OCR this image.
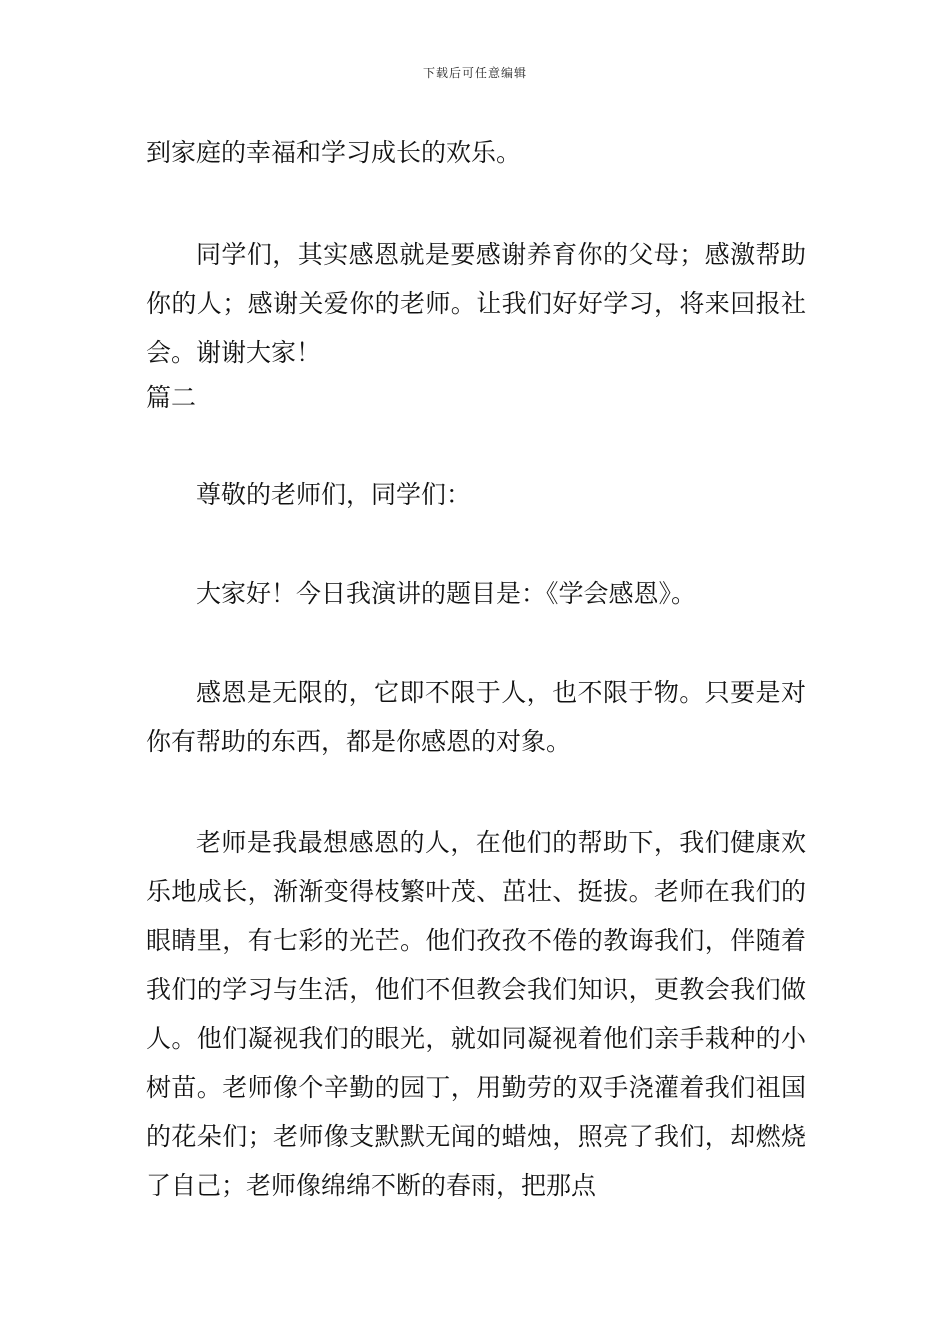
下载后可任意编辑

到家庭的幸福和学习成长的欢乐。

同学们，其实感恩就是要感谢养育你的父母；感激帮助你的人；感谢关爱你的老师。让我们好好学习，将来回报社会。谢谢大家！

篇二

尊敬的老师们，同学们：

大家好！今日我演讲的题目是：《学会感恩》。

感恩是无限的，它即不限于人，也不限于物。只要是对你有帮助的东西，都是你感恩的对象。

老师是我最想感恩的人，在他们的帮助下，我们健康欢乐地成长，渐渐变得枝繁叶茂、茁壮、挺拔。老师在我们的眼睛里，有七彩的光芒。他们孜孜不倦的教诲我们，伴随着我们的学习与生活，他们不但教会我们知识，更教会我们做人。他们凝视我们的眼光，就如同凝视着他们亲手栽种的小树苗。老师像个辛勤的园丁，用勤劳的双手浇灌着我们祖国的花朵们；老师像支默默无闻的蜡烛，照亮了我们，却燃烧了自己；老师像绵绵不断的春雨，把那点
